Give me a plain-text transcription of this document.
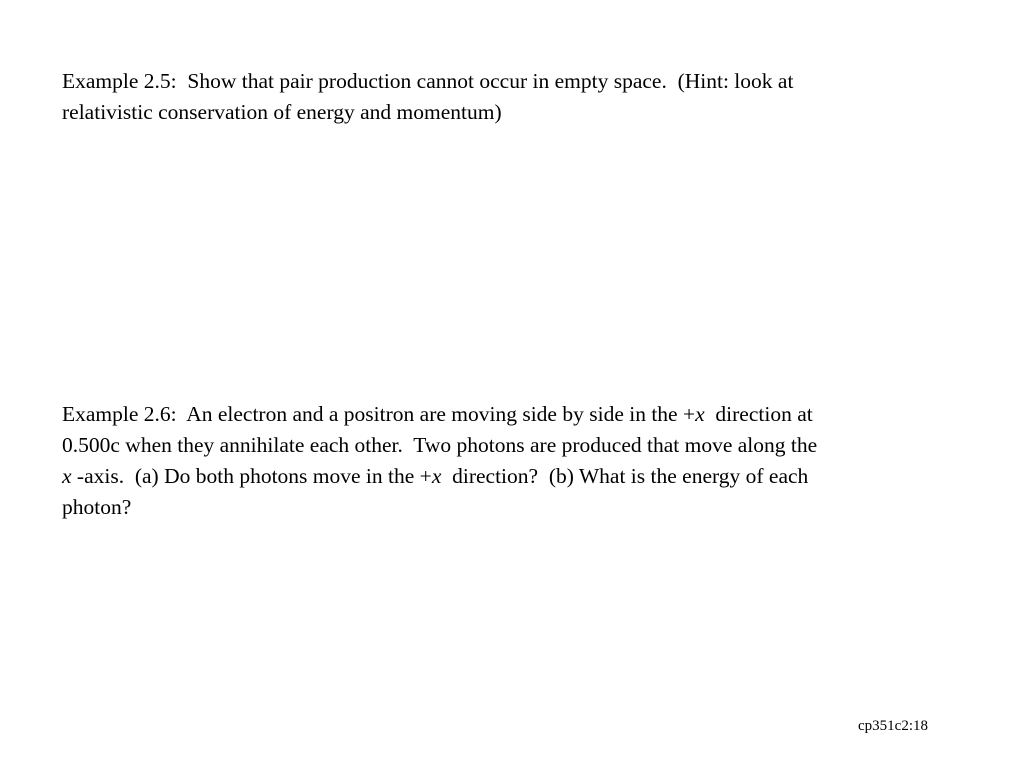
Example 2.5:  Show that pair production cannot occur in empty space.  (Hint: look at
relativistic conservation of energy and momentum)

Example 2.6:  An electron and a positron are moving side by side in the +x  direction at
0.500c when they annihilate each other.  Two photons are produced that move along the
x -axis.  (a) Do both photons move in the +x  direction?  (b) What is the energy of each
photon?

cp351c2:18
